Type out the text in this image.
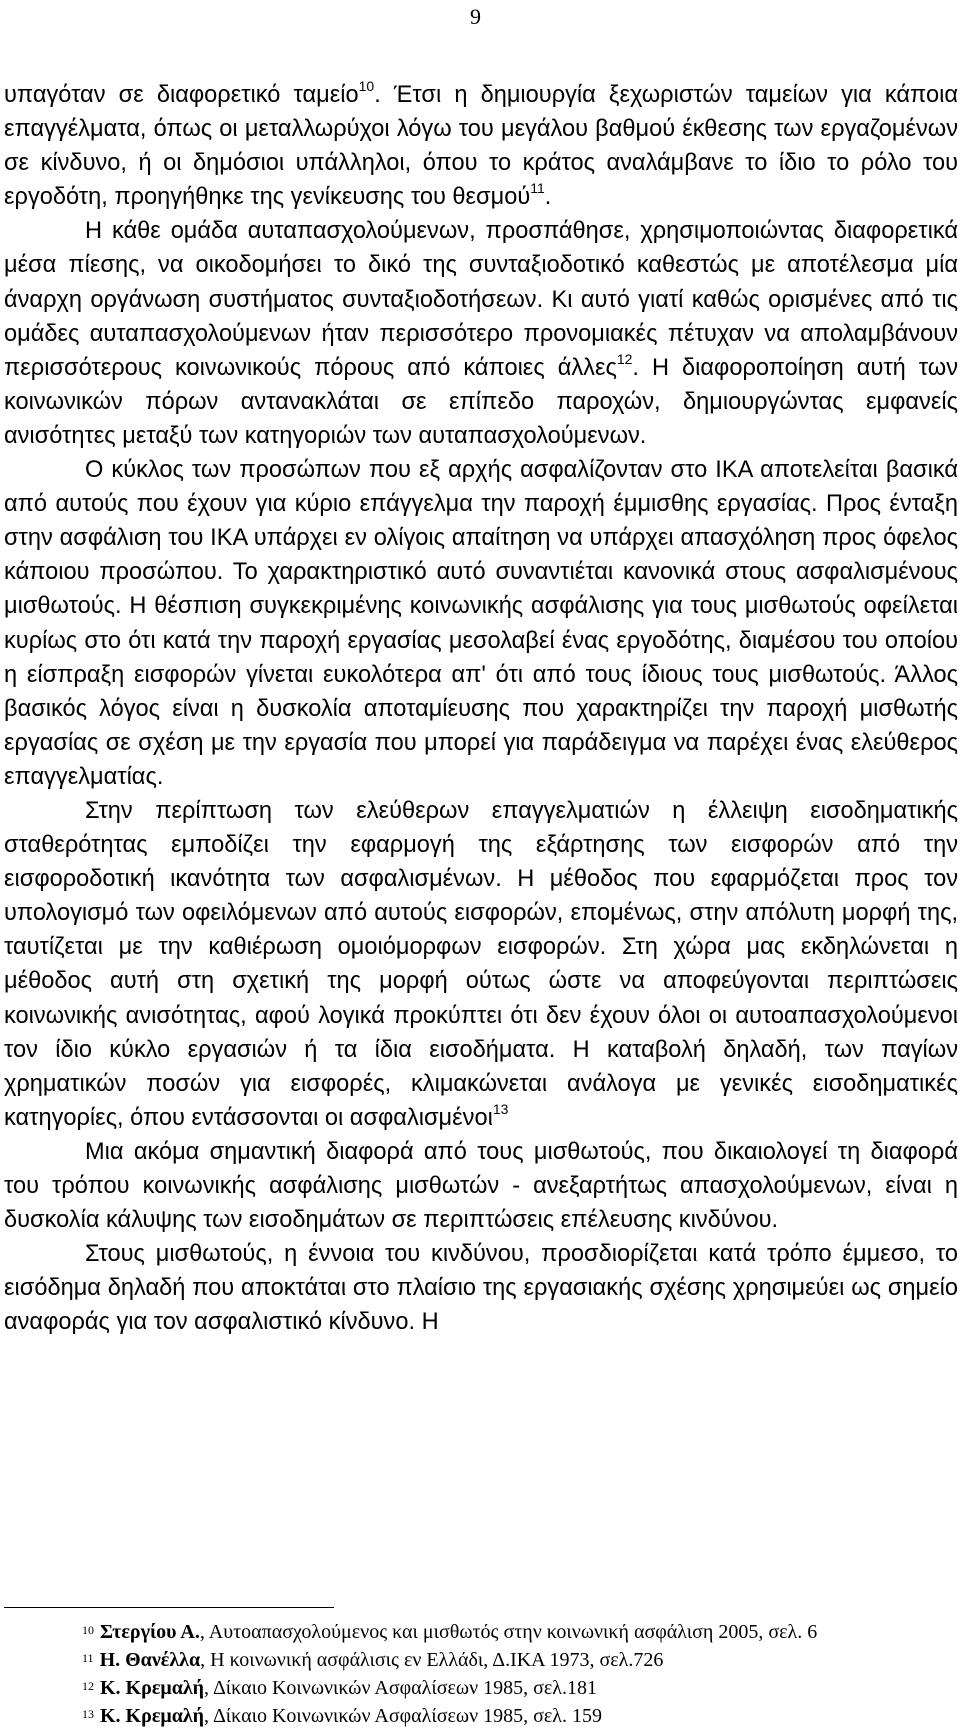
9

υπαγόταν σε διαφορετικό ταμείο$^{10}$. Έτσι η δημιουργία ξεχωριστών ταμείων για κάποια επαγγέλματα, όπως οι μεταλλωρύχοι λόγω του μεγάλου βαθμού έκθεσης των εργαζομένων σε κίνδυνο, ή οι δημόσιοι υπάλληλοι, όπου το κράτος αναλάμβανε το ίδιο το ρόλο του εργοδότη, προηγήθηκε της γενίκευσης του θεσμού$^{11}$.

Η κάθε ομάδα αυταπασχολούμενων, προσπάθησε, χρησιμοποιώντας διαφορετικά μέσα πίεσης, να οικοδομήσει το δικό της συνταξιοδοτικό καθεστώς με αποτέλεσμα μία άναρχη οργάνωση συστήματος συνταξιοδοτήσεων. Κι αυτό γιατί καθώς ορισμένες από τις ομάδες αυταπασχολούμενων ήταν περισσότερο προνομιακές πέτυχαν να απολαμβάνουν περισσότερους κοινωνικούς πόρους από κάποιες άλλες$^{12}$. Η διαφοροποίηση αυτή των κοινωνικών πόρων αντανακλάται σε επίπεδο παροχών, δημιουργώντας εμφανείς ανισότητες μεταξύ των κατηγοριών των αυταπασχολούμενων.

Ο κύκλος των προσώπων που εξ αρχής ασφαλίζονταν στο ΙΚΑ αποτελείται βασικά από αυτούς που έχουν για κύριο επάγγελμα την παροχή έμμισθης εργασίας. Προς ένταξη στην ασφάλιση του ΙΚΑ υπάρχει εν ολίγοις απαίτηση να υπάρχει απασχόληση προς όφελος κάποιου προσώπου. Το χαρακτηριστικό αυτό συναντιέται κανονικά στους ασφαλισμένους μισθωτούς. Η θέσπιση συγκεκριμένης κοινωνικής ασφάλισης για τους μισθωτούς οφείλεται κυρίως στο ότι κατά την παροχή εργασίας μεσολαβεί ένας εργοδότης, διαμέσου του οποίου η είσπραξη εισφορών γίνεται ευκολότερα απ' ότι από τους ίδιους τους μισθωτούς. Άλλος βασικός λόγος είναι η δυσκολία αποταμίευσης που χαρακτηρίζει την παροχή μισθωτής εργασίας σε σχέση με την εργασία που μπορεί για παράδειγμα να παρέχει ένας ελεύθερος επαγγελματίας.

Στην περίπτωση των ελεύθερων επαγγελματιών η έλλειψη εισοδηματικής σταθερότητας εμποδίζει την εφαρμογή της εξάρτησης των εισφορών από την εισφοροδοτική ικανότητα των ασφαλισμένων. Η μέθοδος που εφαρμόζεται προς τον υπολογισμό των οφειλόμενων από αυτούς εισφορών, επομένως, στην απόλυτη μορφή της, ταυτίζεται με την καθιέρωση ομοιόμορφων εισφορών. Στη χώρα μας εκδηλώνεται η μέθοδος αυτή στη σχετική της μορφή ούτως ώστε να αποφεύγονται περιπτώσεις κοινωνικής ανισότητας, αφού λογικά προκύπτει ότι δεν έχουν όλοι οι αυτοαπασχολούμενοι τον ίδιο κύκλο εργασιών ή τα ίδια εισοδήματα. Η καταβολή δηλαδή, των παγίων χρηματικών ποσών για εισφορές, κλιμακώνεται ανάλογα με γενικές εισοδηματικές κατηγορίες, όπου εντάσσονται οι ασφαλισμένοι$^{13}$

Μια ακόμα σημαντική διαφορά από τους μισθωτούς, που δικαιολογεί τη διαφορά του τρόπου κοινωνικής ασφάλισης μισθωτών - ανεξαρτήτως απασχολούμενων, είναι η δυσκολία κάλυψης των εισοδημάτων σε περιπτώσεις επέλευσης κινδύνου.

Στους μισθωτούς, η έννοια του κινδύνου, προσδιορίζεται κατά τρόπο έμμεσο, το εισόδημα δηλαδή που αποκτάται στο πλαίσιο της εργασιακής σχέσης χρησιμεύει ως σημείο αναφοράς για τον ασφαλιστικό κίνδυνο. Η

$^{10}$ Στεργίου Α., Αυτοαπασχολούμενος και μισθωτός στην κοινωνική ασφάλιση 2005, σελ. 6
$^{11}$ Η. Θανέλλα, Η κοινωνική ασφάλισις εν Ελλάδι, Δ.ΙΚΑ 1973, σελ.726
$^{12}$ Κ. Κρεμαλή, Δίκαιο Κοινωνικών Ασφαλίσεων 1985, σελ.181
$^{13}$ Κ. Κρεμαλή, Δίκαιο Κοινωνικών Ασφαλίσεων 1985, σελ. 159
